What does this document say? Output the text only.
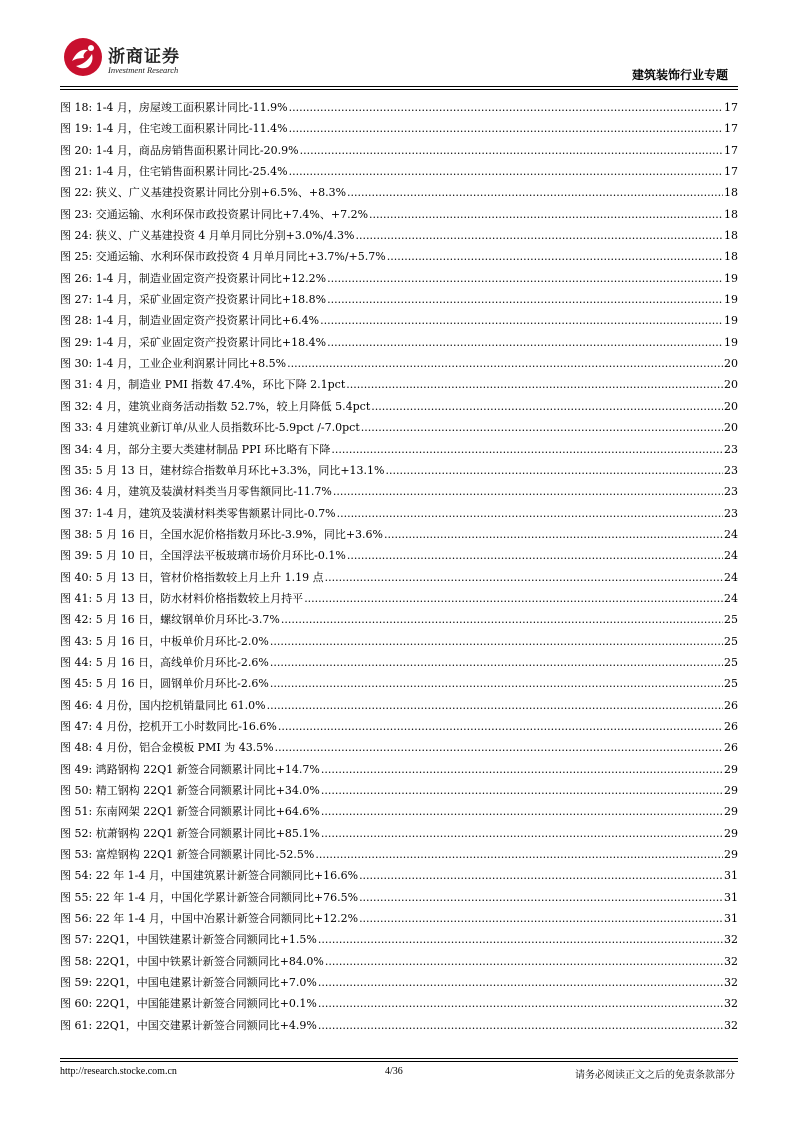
浙商证券
Investment Research	建筑装饰行业专题
图 18: 1-4 月，房屋竣工面积累计同比-11.9% .....	17
图 19: 1-4 月，住宅竣工面积累计同比-11.4% .....	17
图 20: 1-4 月，商品房销售面积累计同比-20.9% .....	17
图 21: 1-4 月，住宅销售面积累计同比-25.4% .....	17
图 22: 狭义、广义基建投资累计同比分别+6.5%、+8.3% .....	18
图 23: 交通运输、水利环保市政投资累计同比+7.4%、+7.2% .....	18
图 24: 狭义、广义基建投资 4 月单月同比分别+3.0%/4.3% .....	18
图 25: 交通运输、水利环保市政投资 4 月单月同比+3.7%/+5.7% .....	18
图 26: 1-4 月，制造业固定资产投资累计同比+12.2% .....	19
图 27: 1-4 月，采矿业固定资产投资累计同比+18.8% .....	19
图 28: 1-4 月，制造业固定资产投资累计同比+6.4% .....	19
图 29: 1-4 月，采矿业固定资产投资累计同比+18.4% .....	19
图 30: 1-4 月，工业企业利润累计同比+8.5% .....	20
图 31: 4 月，制造业 PMI 指数 47.4%，环比下降 2.1pct .....	20
图 32: 4 月，建筑业商务活动指数 52.7%，较上月降低 5.4pct .....	20
图 33: 4 月建筑业新订单/从业人员指数环比-5.9pct /-7.0pct .....	20
图 34: 4 月，部分主要大类建材制品 PPI 环比略有下降 .....	23
图 35: 5 月 13 日，建材综合指数单月环比+3.3%，同比+13.1% .....	23
图 36: 4 月，建筑及装潢材料类当月零售额同比-11.7% .....	23
图 37: 1-4 月，建筑及装潢材料类零售额累计同比-0.7% .....	23
图 38: 5 月 16 日，全国水泥价格指数月环比-3.9%，同比+3.6% .....	24
图 39: 5 月 10 日，全国浮法平板玻璃市场价月环比-0.1% .....	24
图 40: 5 月 13 日，管材价格指数较上月上升 1.19 点 .....	24
图 41: 5 月 13 日，防水材料价格指数较上月持平 .....	24
图 42: 5 月 16 日，螺纹钢单价月环比-3.7% .....	25
图 43: 5 月 16 日，中板单价月环比-2.0% .....	25
图 44: 5 月 16 日，高线单价月环比-2.6% .....	25
图 45: 5 月 16 日，圆钢单价月环比-2.6% .....	25
图 46: 4 月份，国内挖机销量同比 61.0% .....	26
图 47: 4 月份，挖机开工小时数同比-16.6% .....	26
图 48: 4 月份，铝合金模板 PMI 为 43.5% .....	26
图 49: 鸿路钢构 22Q1 新签合同额累计同比+14.7% .....	29
图 50: 精工钢构 22Q1 新签合同额累计同比+34.0% .....	29
图 51: 东南网架 22Q1 新签合同额累计同比+64.6% .....	29
图 52: 杭萧钢构 22Q1 新签合同额累计同比+85.1% .....	29
图 53: 富煌钢构 22Q1 新签合同额累计同比-52.5% .....	29
图 54: 22 年 1-4 月，中国建筑累计新签合同额同比+16.6% .....	31
图 55: 22 年 1-4 月，中国化学累计新签合同额同比+76.5% .....	31
图 56: 22 年 1-4 月，中国中冶累计新签合同额同比+12.2% .....	31
图 57: 22Q1，中国铁建累计新签合同额同比+1.5% .....	32
图 58: 22Q1，中国中铁累计新签合同额同比+84.0% .....	32
图 59: 22Q1，中国电建累计新签合同额同比+7.0% .....	32
图 60: 22Q1，中国能建累计新签合同额同比+0.1% .....	32
图 61: 22Q1，中国交建累计新签合同额同比+4.9% .....	32
http://research.stocke.com.cn	4/36	请务必阅读正文之后的免责条款部分
